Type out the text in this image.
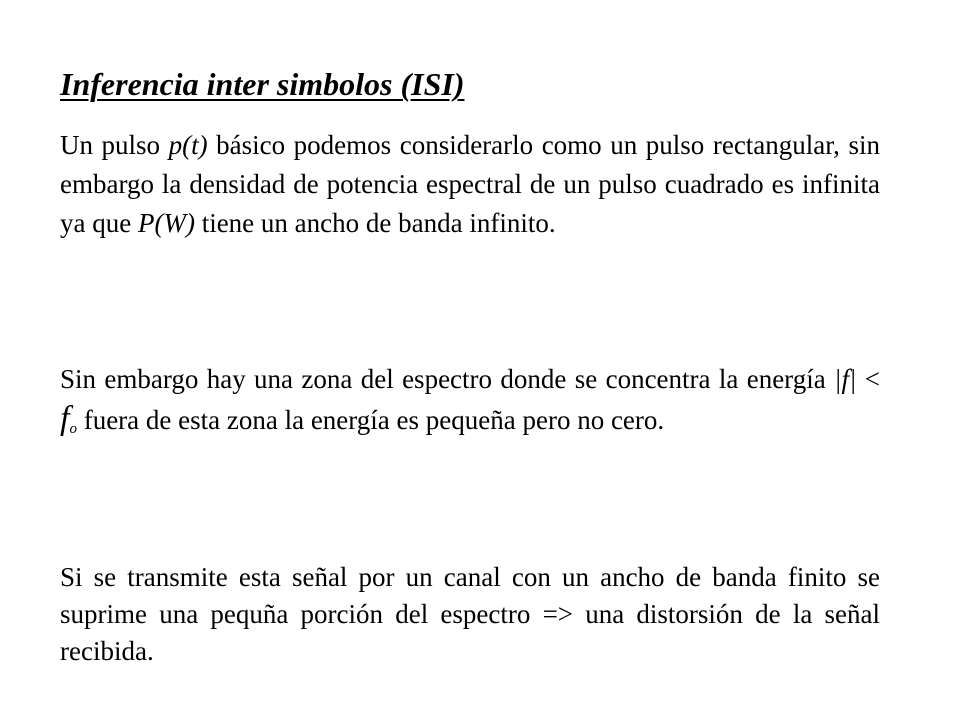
Inferencia inter simbolos (ISI)

Un pulso p(t) básico podemos considerarlo como un pulso rectangular, sin embargo la densidad de potencia espectral de un pulso cuadrado es infinita ya que P(W) tiene un ancho de banda infinito.

Sin embargo hay una zona del espectro donde se concentra la energía $|f| < f_o$ fuera de esta zona la energía es pequeña pero no cero.

Si se transmite esta señal por un canal con un ancho de banda finito se suprime una pequña porción del espectro => una distorsión de la señal recibida.
